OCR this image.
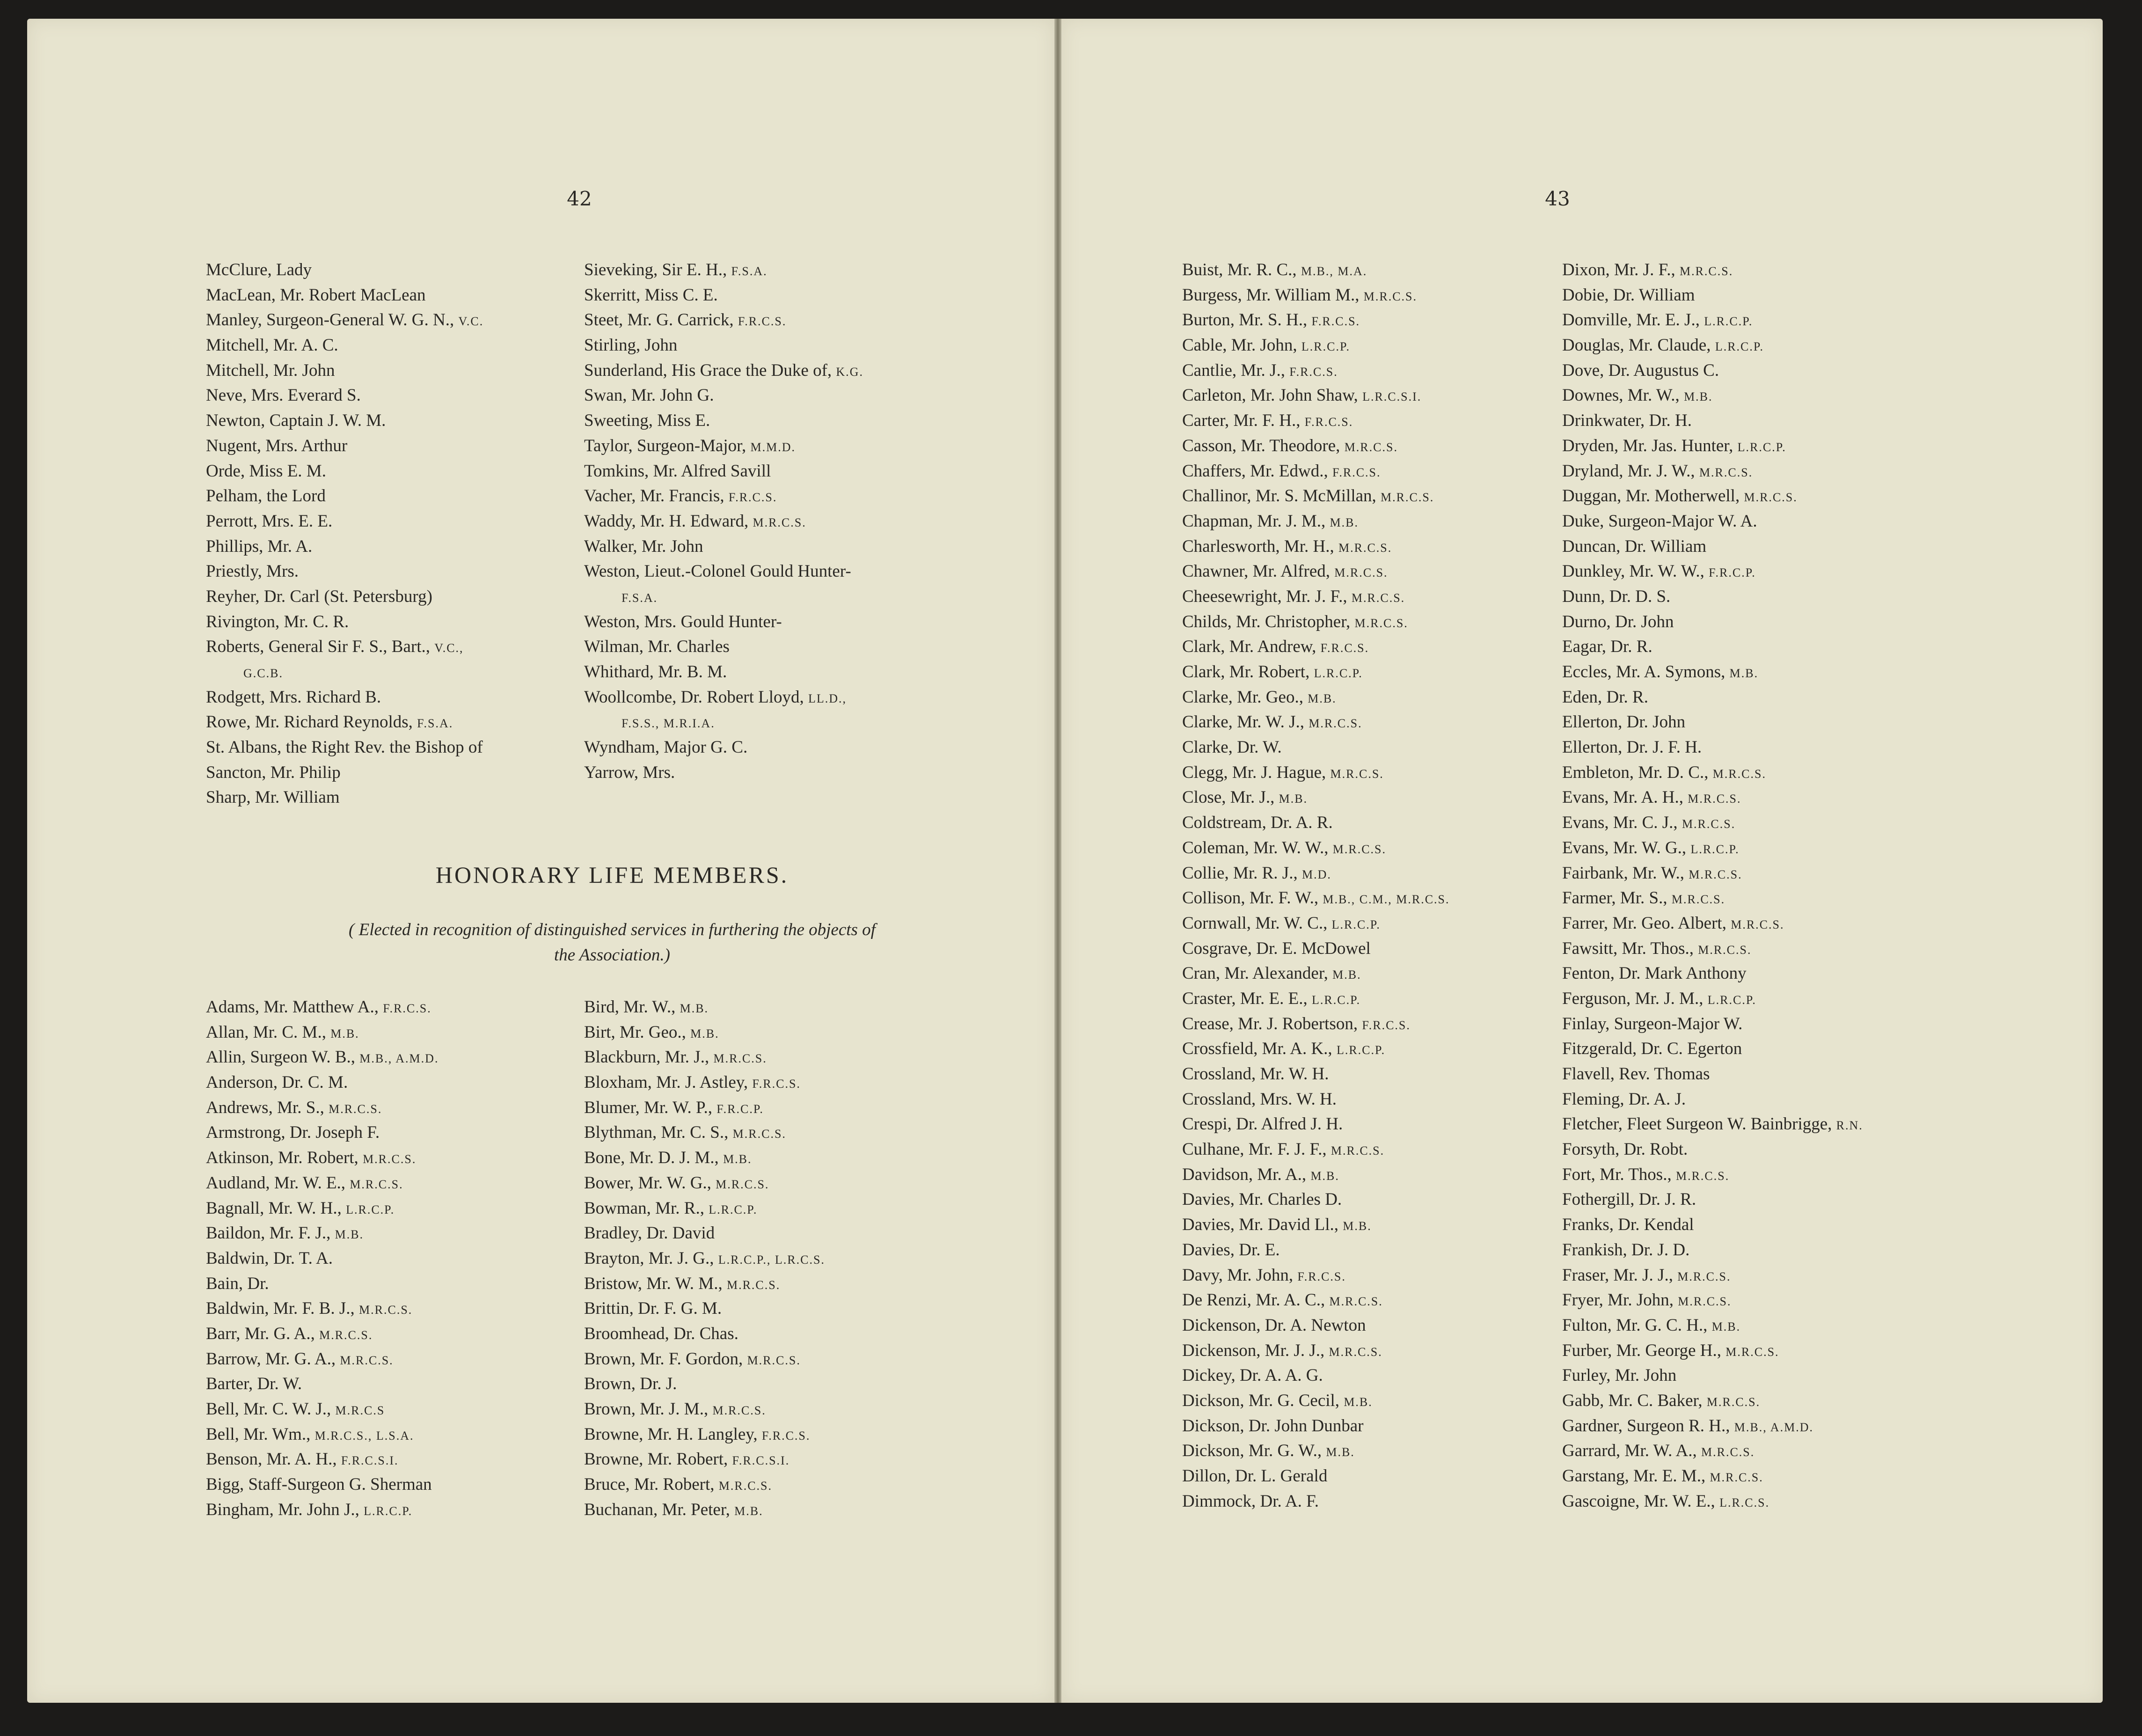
42
McClure, Lady
MacLean, Mr. Robert MacLean
Manley, Surgeon-General W. G. N., V.C.
Mitchell, Mr. A. C.
Mitchell, Mr. John
Neve, Mrs. Everard S.
Newton, Captain J. W. M.
Nugent, Mrs. Arthur
Orde, Miss E. M.
Pelham, the Lord
Perrott, Mrs. E. E.
Phillips, Mr. A.
Priestly, Mrs.
Reyher, Dr. Carl (St. Petersburg)
Rivington, Mr. C. R.
Roberts, General Sir F. S., Bart., V.C.,
G.C.B.
Rodgett, Mrs. Richard B.
Rowe, Mr. Richard Reynolds, F.S.A.
St. Albans, the Right Rev. the Bishop of
Sancton, Mr. Philip
Sharp, Mr. William
Sieveking, Sir E. H., F.S.A.
Skerritt, Miss C. E.
Steet, Mr. G. Carrick, F.R.C.S.
Stirling, John
Sunderland, His Grace the Duke of, K.G.
Swan, Mr. John G.
Sweeting, Miss E.
Taylor, Surgeon-Major, M.M.D.
Tomkins, Mr. Alfred Savill
Vacher, Mr. Francis, F.R.C.S.
Waddy, Mr. H. Edward, M.R.C.S.
Walker, Mr. John
Weston, Lieut.-Colonel Gould Hunter-
F.S.A.
Weston, Mrs. Gould Hunter-
Wilman, Mr. Charles
Whithard, Mr. B. M.
Woollcombe, Dr. Robert Lloyd, LL.D.,
F.S.S., M.R.I.A.
Wyndham, Major G. C.
Yarrow, Mrs.
HONORARY LIFE MEMBERS.
( Elected in recognition of distinguished services in furthering the objects of
the Association.)
Adams, Mr. Matthew A., F.R.C.S.
Allan, Mr. C. M., M.B.
Allin, Surgeon W. B., M.B., A.M.D.
Anderson, Dr. C. M.
Andrews, Mr. S., M.R.C.S.
Armstrong, Dr. Joseph F.
Atkinson, Mr. Robert, M.R.C.S.
Audland, Mr. W. E., M.R.C.S.
Bagnall, Mr. W. H., L.R.C.P.
Baildon, Mr. F. J., M.B.
Baldwin, Dr. T. A.
Bain, Dr.
Baldwin, Mr. F. B. J., M.R.C.S.
Barr, Mr. G. A., M.R.C.S.
Barrow, Mr. G. A., M.R.C.S.
Barter, Dr. W.
Bell, Mr. C. W. J., M.R.C.S
Bell, Mr. Wm., M.R.C.S., L.S.A.
Benson, Mr. A. H., F.R.C.S.I.
Bigg, Staff-Surgeon G. Sherman
Bingham, Mr. John J., L.R.C.P.
Bird, Mr. W., M.B.
Birt, Mr. Geo., M.B.
Blackburn, Mr. J., M.R.C.S.
Bloxham, Mr. J. Astley, F.R.C.S.
Blumer, Mr. W. P., F.R.C.P.
Blythman, Mr. C. S., M.R.C.S.
Bone, Mr. D. J. M., M.B.
Bower, Mr. W. G., M.R.C.S.
Bowman, Mr. R., L.R.C.P.
Bradley, Dr. David
Brayton, Mr. J. G., L.R.C.P., L.R.C.S.
Bristow, Mr. W. M., M.R.C.S.
Brittin, Dr. F. G. M.
Broomhead, Dr. Chas.
Brown, Mr. F. Gordon, M.R.C.S.
Brown, Dr. J.
Brown, Mr. J. M., M.R.C.S.
Browne, Mr. H. Langley, F.R.C.S.
Browne, Mr. Robert, F.R.C.S.I.
Bruce, Mr. Robert, M.R.C.S.
Buchanan, Mr. Peter, M.B.
43
Buist, Mr. R. C., M.B., M.A.
Burgess, Mr. William M., M.R.C.S.
Burton, Mr. S. H., F.R.C.S.
Cable, Mr. John, L.R.C.P.
Cantlie, Mr. J., F.R.C.S.
Carleton, Mr. John Shaw, L.R.C.S.I.
Carter, Mr. F. H., F.R.C.S.
Casson, Mr. Theodore, M.R.C.S.
Chaffers, Mr. Edwd., F.R.C.S.
Challinor, Mr. S. McMillan, M.R.C.S.
Chapman, Mr. J. M., M.B.
Charlesworth, Mr. H., M.R.C.S.
Chawner, Mr. Alfred, M.R.C.S.
Cheesewright, Mr. J. F., M.R.C.S.
Childs, Mr. Christopher, M.R.C.S.
Clark, Mr. Andrew, F.R.C.S.
Clark, Mr. Robert, L.R.C.P.
Clarke, Mr. Geo., M.B.
Clarke, Mr. W. J., M.R.C.S.
Clarke, Dr. W.
Clegg, Mr. J. Hague, M.R.C.S.
Close, Mr. J., M.B.
Coldstream, Dr. A. R.
Coleman, Mr. W. W., M.R.C.S.
Collie, Mr. R. J., M.D.
Collison, Mr. F. W., M.B., C.M., M.R.C.S.
Cornwall, Mr. W. C., L.R.C.P.
Cosgrave, Dr. E. McDowel
Cran, Mr. Alexander, M.B.
Craster, Mr. E. E., L.R.C.P.
Crease, Mr. J. Robertson, F.R.C.S.
Crossfield, Mr. A. K., L.R.C.P.
Crossland, Mr. W. H.
Crossland, Mrs. W. H.
Crespi, Dr. Alfred J. H.
Culhane, Mr. F. J. F., M.R.C.S.
Davidson, Mr. A., M.B.
Davies, Mr. Charles D.
Davies, Mr. David Ll., M.B.
Davies, Dr. E.
Davy, Mr. John, F.R.C.S.
De Renzi, Mr. A. C., M.R.C.S.
Dickenson, Dr. A. Newton
Dickenson, Mr. J. J., M.R.C.S.
Dickey, Dr. A. A. G.
Dickson, Mr. G. Cecil, M.B.
Dickson, Dr. John Dunbar
Dickson, Mr. G. W., M.B.
Dillon, Dr. L. Gerald
Dimmock, Dr. A. F.
Dixon, Mr. J. F., M.R.C.S.
Dobie, Dr. William
Domville, Mr. E. J., L.R.C.P.
Douglas, Mr. Claude, L.R.C.P.
Dove, Dr. Augustus C.
Downes, Mr. W., M.B.
Drinkwater, Dr. H.
Dryden, Mr. Jas. Hunter, L.R.C.P.
Dryland, Mr. J. W., M.R.C.S.
Duggan, Mr. Motherwell, M.R.C.S.
Duke, Surgeon-Major W. A.
Duncan, Dr. William
Dunkley, Mr. W. W., F.R.C.P.
Dunn, Dr. D. S.
Durno, Dr. John
Eagar, Dr. R.
Eccles, Mr. A. Symons, M.B.
Eden, Dr. R.
Ellerton, Dr. John
Ellerton, Dr. J. F. H.
Embleton, Mr. D. C., M.R.C.S.
Evans, Mr. A. H., M.R.C.S.
Evans, Mr. C. J., M.R.C.S.
Evans, Mr. W. G., L.R.C.P.
Fairbank, Mr. W., M.R.C.S.
Farmer, Mr. S., M.R.C.S.
Farrer, Mr. Geo. Albert, M.R.C.S.
Fawsitt, Mr. Thos., M.R.C.S.
Fenton, Dr. Mark Anthony
Ferguson, Mr. J. M., L.R.C.P.
Finlay, Surgeon-Major W.
Fitzgerald, Dr. C. Egerton
Flavell, Rev. Thomas
Fleming, Dr. A. J.
Fletcher, Fleet Surgeon W. Bainbrigge, R.N.
Forsyth, Dr. Robt.
Fort, Mr. Thos., M.R.C.S.
Fothergill, Dr. J. R.
Franks, Dr. Kendal
Frankish, Dr. J. D.
Fraser, Mr. J. J., M.R.C.S.
Fryer, Mr. John, M.R.C.S.
Fulton, Mr. G. C. H., M.B.
Furber, Mr. George H., M.R.C.S.
Furley, Mr. John
Gabb, Mr. C. Baker, M.R.C.S.
Gardner, Surgeon R. H., M.B., A.M.D.
Garrard, Mr. W. A., M.R.C.S.
Garstang, Mr. E. M., M.R.C.S.
Gascoigne, Mr. W. E., L.R.C.S.
